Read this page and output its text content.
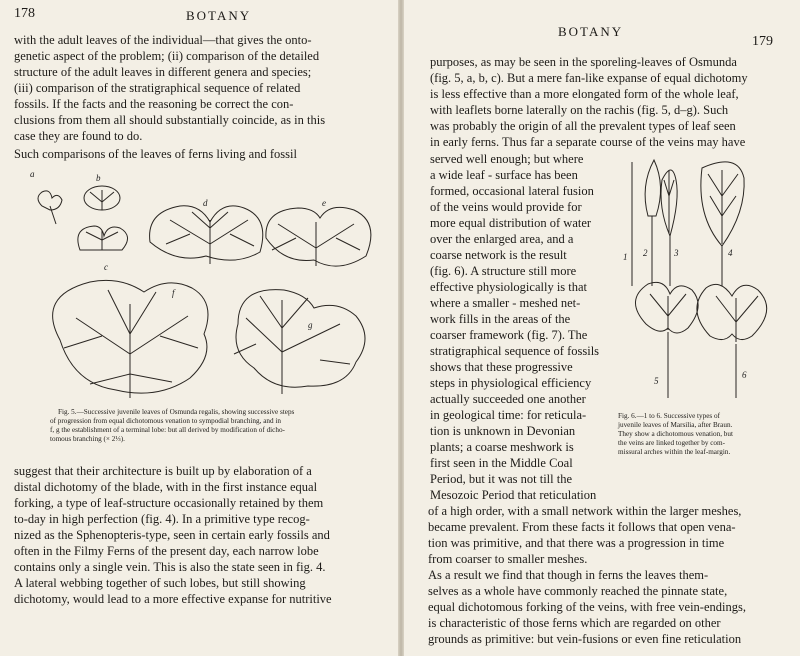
178	BOTANY
with the adult leaves of the individual—that gives the onto-
genetic aspect of the problem; (ii) comparison of the detailed
structure of the adult leaves in different genera and species;
(iii) comparison of the stratigraphical sequence of related
fossils. If the facts and the reasoning be correct the con-
clusions from them all should substantially coincide, as in this
case they are found to do.
Such comparisons of the leaves of ferns living and fossil
a	b
c
d	e
f
g
Fig. 5.—Successive juvenile leaves of Osmunda regalis, showing successive steps
of progression from equal dichotomous venation to sympodial branching, and in
f, g the establishment of a terminal lobe: but all derived by modification of dicho-
tomous branching (× 2⅓).
suggest that their architecture is built up by elaboration of a
distal dichotomy of the blade, with in the first instance equal
forking, a type of leaf-structure occasionally retained by them
to-day in high perfection (fig. 4). In a primitive type recog-
nized as the Sphenopteris-type, seen in certain early fossils and
often in the Filmy Ferns of the present day, each narrow lobe
contains only a single vein. This is also the state seen in fig. 4.
A lateral webbing together of such lobes, but still showing
dichotomy, would lead to a more effective expanse for nutritive
BOTANY
179
purposes, as may be seen in the sporeling-leaves of Osmunda
(fig. 5, a, b, c). But a mere fan-like expanse of equal dichotomy
is less effective than a more elongated form of the whole leaf,
with leaflets borne laterally on the rachis (fig. 5, d–g). Such
was probably the origin of all the prevalent types of leaf seen
in early ferns. Thus far a separate course of the veins may have
served well enough; but where
a wide leaf - surface has been
formed, occasional lateral fusion
of the veins would provide for
more equal distribution of water
over the enlarged area, and a
coarse network is the result
(fig. 6). A structure still more
effective physiologically is that
where a smaller - meshed net-
work fills in the areas of the
coarser framework (fig. 7). The
stratigraphical sequence of fossils
shows that these progressive
steps in physiological efficiency
actually succeeded one another
in geological time: for reticula-
tion is unknown in Devonian
plants; a coarse meshwork is
first seen in the Middle Coal
Period, but it was not till the
Mesozoic Period that reticulation
1 2	3	4
5
6
Fig. 6.—1 to 6. Successive types of
juvenile leaves of Marsilia, after Braun.
They show a dichotomous venation, but
the veins are linked together by com-
missural arches within the leaf-margin.
of a high order, with a small network within the larger meshes,
became prevalent. From these facts it follows that open vena-
tion was primitive, and that there was a progression in time
from coarser to smaller meshes.
As a result we find that though in ferns the leaves them-
selves as a whole have commonly reached the pinnate state,
equal dichotomous forking of the veins, with free vein-endings,
is characteristic of those ferns which are regarded on other
grounds as primitive: but vein-fusions or even fine reticulation
